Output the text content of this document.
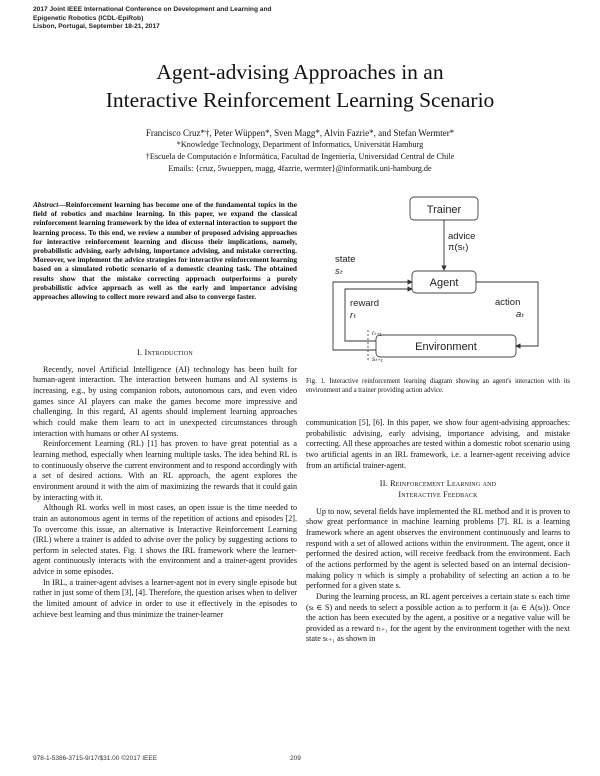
2017 Joint IEEE International Conference on Development and Learning and
Epigenetic Robotics (ICDL-EpiRob)
Lisbon, Portugal, September 18-21, 2017
Agent-advising Approaches in an
Interactive Reinforcement Learning Scenario
Francisco Cruz*†, Peter Wüppen*, Sven Magg*, Alvin Fazrie*, and Stefan Wermter*
*Knowledge Technology, Department of Informatics, Universität Hamburg
†Escuela de Computación e Informática, Facultad de Ingeniería, Universidad Central de Chile
Emails: {cruz, 5wueppen, magg, 4fazrie, wermter}@informatik.uni-hamburg.de

Abstract—Reinforcement learning has become one of the fundamental topics in the field of robotics and machine learning. In this paper, we expand the classical reinforcement learning framework by the idea of external interaction to support the learning process. To this end, we review a number of proposed advising approaches for interactive reinforcement learning and discuss their implications, namely, probabilistic advising, early advising, importance advising, and mistake correcting. Moreover, we implement the advice strategies for interactive reinforcement learning based on a simulated robotic scenario of a domestic cleaning task. The obtained results show that the mistake correcting approach outperforms a purely probabilistic advice approach as well as the early and importance advising approaches allowing to collect more reward and also to converge faster.

I. Introduction

Recently, novel Artificial Intelligence (AI) technology has been built for human-agent interaction. The interaction between humans and AI systems is increasing, e.g., by using companion robots, autonomous cars, and even video games since AI players can make the games become more impressive and challenging. In this regard, AI agents should implement learning approaches which could make them learn to act in unexpected circumstances through interaction with humans or other AI systems.

Reinforcement Learning (RL) [1] has proven to have great potential as a learning method, especially when learning multiple tasks. The idea behind RL is to continuously observe the current environment and to respond accordingly with a set of desired actions. With an RL approach, the agent explores the environment around it with the aim of maximizing the rewards that it could gain by interacting with it.

Although RL works well in most cases, an open issue is the time needed to train an autonomous agent in terms of the repetition of actions and episodes [2]. To overcome this issue, an alternative is Interactive Reinforcement Learning (IRL) where a trainer is added to advise over the policy by suggesting actions to perform in selected states. Fig. 1 shows the IRL framework where the learner-agent continuously interacts with the environment and a trainer-agent provides advice in some episodes.

In IRL, a trainer-agent advises a learner-agent not in every single episode but rather in just some of them [3], [4]. Therefore, the question arises when to deliver the limited amount of advice in order to use it effectively in the episodes to achieve best learning and thus minimize the trainer-learner

Trainer
advice
π(sₜ)
Agent
Environment
action
aₜ
state
sₜ
reward
rₜ
rₜ₊₁
sₜ₊₁
Fig. 1. Interactive reinforcement learning diagram showing an agent's interaction with its environment and a trainer providing action advice.

communication [5], [6]. In this paper, we show four agent-advising approaches: probabilistic advising, early advising, importance advising, and mistake correcting. All these approaches are tested within a domestic robot scenario using two artificial agents in an IRL framework, i.e. a learner-agent receiving advice from an artificial trainer-agent.

II. Reinforcement Learning and
Interactive Feedback

Up to now, several fields have implemented the RL method and it is proven to show great performance in machine learning problems [7]. RL is a learning framework where an agent observes the environment continuously and learns to respond with a set of allowed actions within the environment. The agent, once it performed the desired action, will receive feedback from the environment. Each of the actions performed by the agent is selected based on an internal decision-making policy π which is simply a probability of selecting an action a to be performed for a given state s.

During the learning process, an RL agent perceives a certain state sₜ each time (sₜ ∈ S) and needs to select a possible action aₜ to perform it (aₜ ∈ A(sₜ)). Once the action has been executed by the agent, a positive or a negative value will be provided as a reward rₜ₊₁ for the agent by the environment together with the next state sₜ₊₁ as shown in

978-1-5386-3715-9/17/$31.00 ©2017 IEEE	209
